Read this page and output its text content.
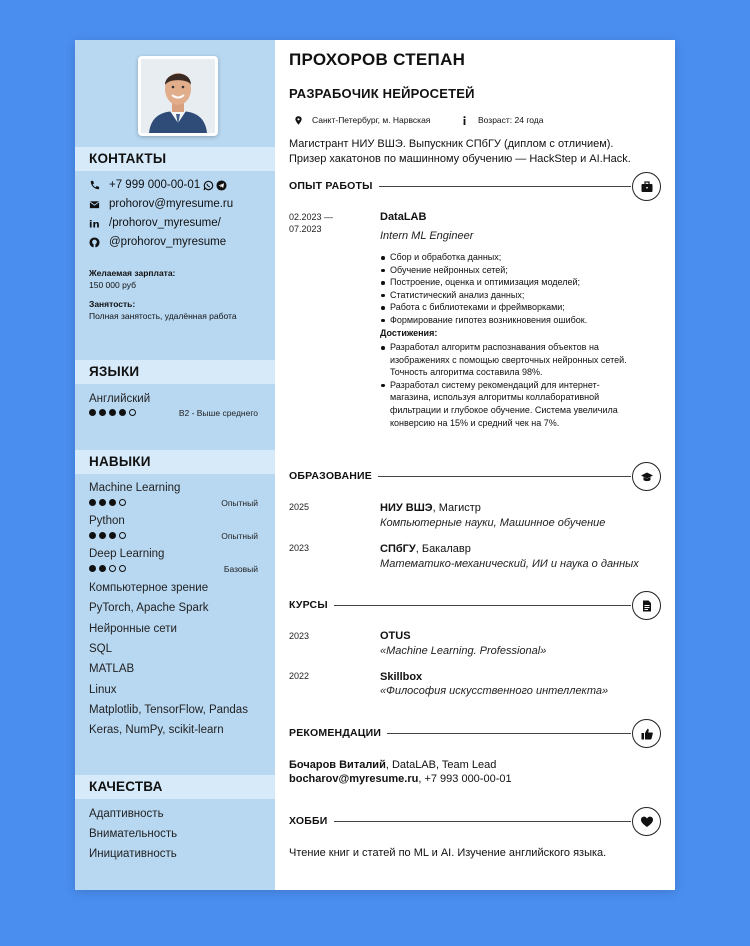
КОНТАКТЫ
+7 999 000-00-01
prohorov@myresume.ru
in /prohorov_myresume/
@prohorov_myresume
Желаемая зарплата:
150 000 руб
Занятость:
Полная занятость, удалённая работа
ЯЗЫКИ
Английский
B2 - Выше среднего
НАВЫКИ
Machine Learning
Опытный
Python
Опытный
Deep Learning
Базовый
Компьютерное зрение
PyTorch, Apache Spark
Нейронные сети
SQL
MATLAB
Linux
Matplotlib, TensorFlow, Pandas
Keras, NumPy, scikit-learn
КАЧЕСТВА
Адаптивность
Внимательность
Инициативность
ПРОХОРОВ СТЕПАН
РАЗРАБОЧИК НЕЙРОСЕТЕЙ
Санкт-Петербург, м. Нарвская	Возраст: 24 года
Магистрант НИУ ВШЭ. Выпускник СПбГУ (диплом с отличием).
Призер хакатонов по машинному обучению — HackStep и AI.Hack.
ОПЫТ РАБОТЫ
02.2023 —
07.2023
DataLAB
Intern ML Engineer
Сбор и обработка данных;
Обучение нейронных сетей;
Построение, оценка и оптимизация моделей;
Статистический анализ данных;
Работа с библиотеками и фреймворками;
Формирование гипотез возникновения ошибок.
Достижения:
Разработал алгоритм распознавания объектов на изображениях с помощью сверточных нейронных сетей. Точность алгоритма составила 98%.
Разработал систему рекомендаций для интернет-магазина, используя алгоритмы коллаборативной фильтрации и глубокое обучение. Система увеличила конверсию на 15% и средний чек на 7%.
ОБРАЗОВАНИЕ
2025	НИУ ВШЭ, Магистр
Компьютерные науки, Машинное обучение
2023	СПбГУ, Бакалавр
Математико-механический, ИИ и наука о данных
КУРСЫ
2023	OTUS
«Machine Learning. Professional»
2022	Skillbox
«Философия искусственного интеллекта»
РЕКОМЕНДАЦИИ
Бочаров Виталий, DataLAB, Team Lead
bocharov@myresume.ru, +7 993 000-00-01
ХОББИ
Чтение книг и статей по ML и AI. Изучение английского языка.
